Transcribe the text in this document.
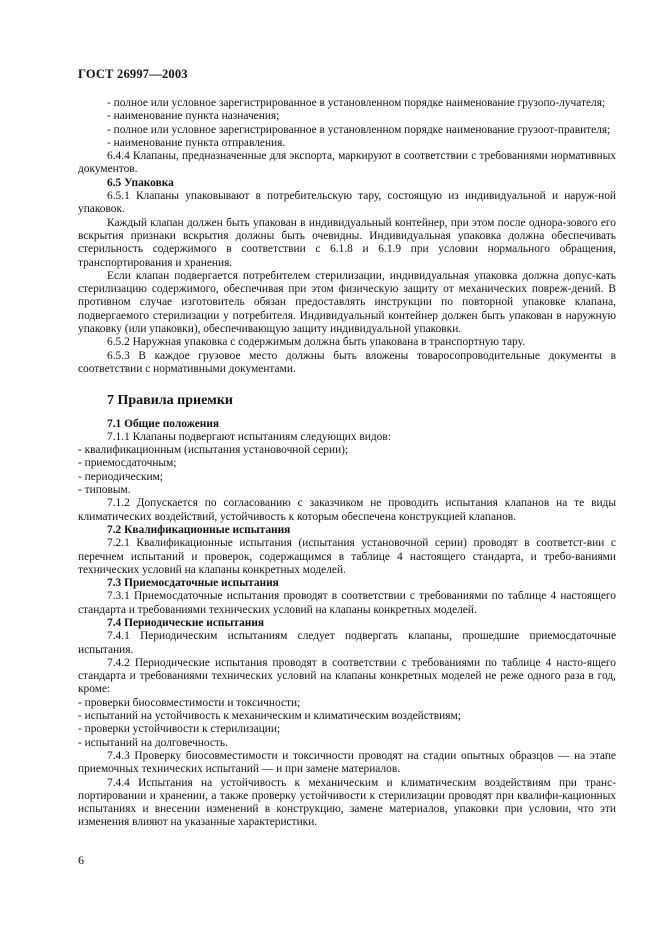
ГОСТ 26997—2003
- полное или условное зарегистрированное в установленном порядке наименование грузопо-лучателя;
- наименование пункта назначения;
- полное или условное зарегистрированное в установленном порядке наименование грузоот-правителя;
- наименование пункта отправления.
6.4.4 Клапаны, предназначенные для экспорта, маркируют в соответствии с требованиями нормативных документов.
6.5 Упаковка
6.5.1 Клапаны упаковывают в потребительскую тару, состоящую из индивидуальной и наруж-ной упаковок.
Каждый клапан должен быть упакован в индивидуальный контейнер, при этом после однора-зового его вскрытия признаки вскрытия должны быть очевидны. Индивидуальная упаковка должна обеспечивать стерильность содержимого в соответствии с 6.1.8 и 6.1.9 при условии нормального обращения, транспортирования и хранения.
Если клапан подвергается потребителем стерилизации, индивидуальная упаковка должна допус-кать стерилизацию содержимого, обеспечивая при этом физическую защиту от механических повреж-дений. В противном случае изготовитель обязан предоставлять инструкции по повторной упаковке клапана, подвергаемого стерилизации у потребителя. Индивидуальный контейнер должен быть упакован в наружную упаковку (или упаковки), обеспечивающую защиту индивидуальной упаковки.
6.5.2 Наружная упаковка с содержимым должна быть упакована в транспортную тару.
6.5.3 В каждое грузовое место должны быть вложены товаросопроводительные документы в соответствии с нормативными документами.
7 Правила приемки
7.1 Общие положения
7.1.1 Клапаны подвергают испытаниям следующих видов:
- квалификационным (испытания установочной серии);
- приемосдаточным;
- периодическим;
- типовым.
7.1.2 Допускается по согласованию с заказчиком не проводить испытания клапанов на те виды климатических воздействий, устойчивость к которым обеспечена конструкцией клапанов.
7.2 Квалификационные испытания
7.2.1 Квалификационные испытания (испытания установочной серии) проводят в соответст-вии с перечнем испытаний и проверок, содержащимся в таблице 4 настоящего стандарта, и требо-ваниями технических условий на клапаны конкретных моделей.
7.3 Приемосдаточные испытания
7.3.1 Приемосдаточные испытания проводят в соответствии с требованиями по таблице 4 настоящего стандарта и требованиями технических условий на клапаны конкретных моделей.
7.4 Периодические испытания
7.4.1 Периодическим испытаниям следует подвергать клапаны, прошедшие приемосдаточные испытания.
7.4.2 Периодические испытания проводят в соответствии с требованиями по таблице 4 насто-ящего стандарта и требованиями технических условий на клапаны конкретных моделей не реже одного раза в год, кроме:
- проверки биосовместимости и токсичности;
- испытаний на устойчивость к механическим и климатическим воздействиям;
- проверки устойчивости к стерилизации;
- испытаний на долговечность.
7.4.3 Проверку биосовместимости и токсичности проводят на стадии опытных образцов — на этапе приемочных технических испытаний — и при замене материалов.
7.4.4 Испытания на устойчивость к механическим и климатическим воздействиям при транс-портировании и хранении, а также проверку устойчивости к стерилизации проводят при квалифи-кационных испытаниях и внесении изменений в конструкцию, замене материалов, упаковки при условии, что эти изменения влияют на указанные характеристики.
6
